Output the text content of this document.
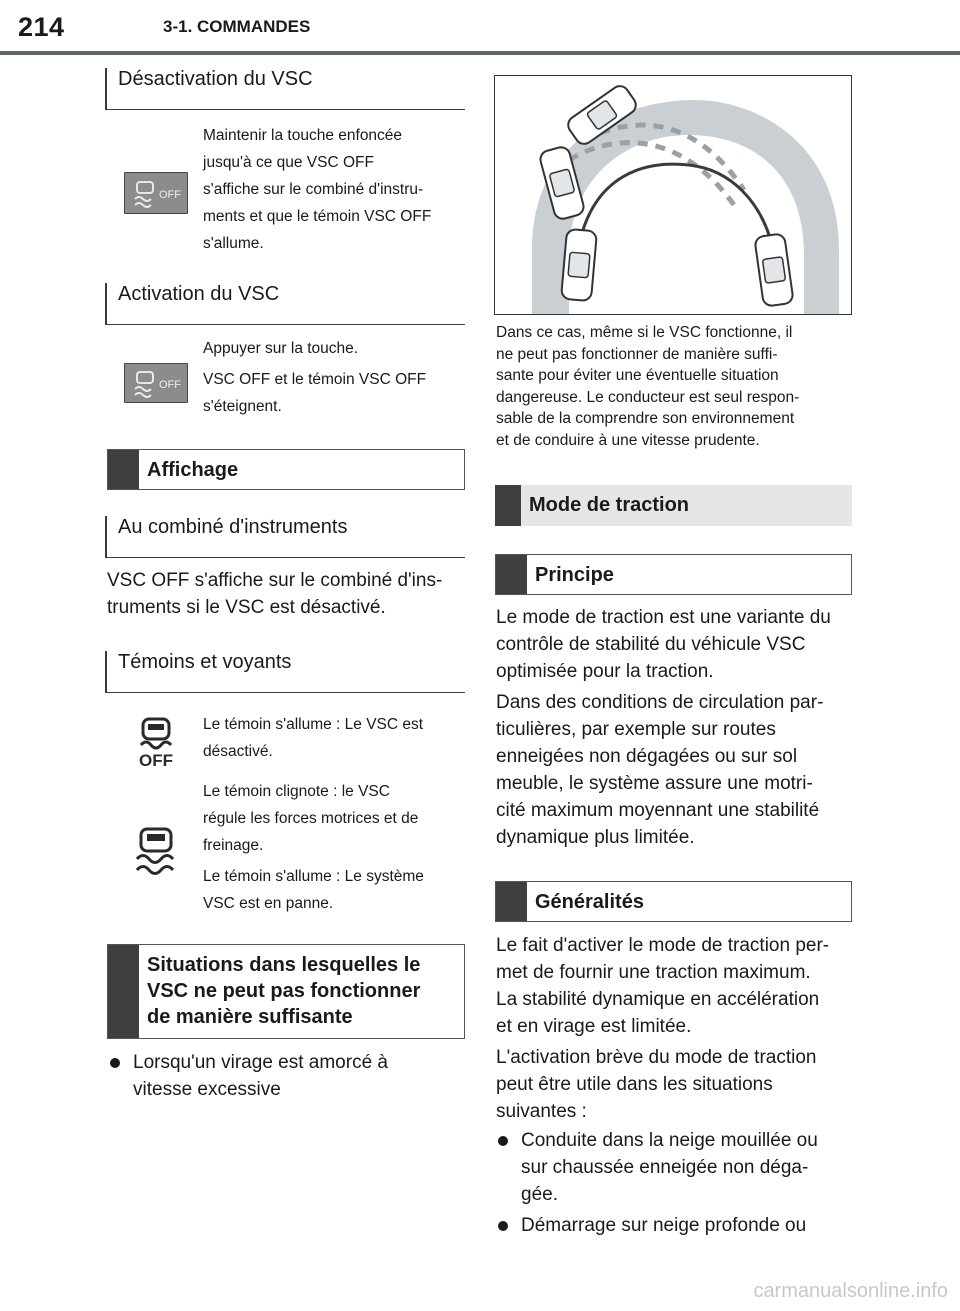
214	3-1. COMMANDES
Désactivation du VSC
OFF
Maintenir la touche enfoncée
jusqu'à ce que VSC OFF
s'affiche sur le combiné d'instru-
ments et que le témoin VSC OFF
s'allume.
Activation du VSC
OFF
Appuyer sur la touche.
VSC OFF et le témoin VSC OFF
s'éteignent.
Affichage
Au combiné d'instruments
VSC OFF s'affiche sur le combiné d'ins-
truments si le VSC est désactivé.
Témoins et voyants
OFF
Le témoin s'allume : Le VSC est
désactivé.
Le témoin clignote : le VSC
régule les forces motrices et de
freinage.
Le témoin s'allume : Le système
VSC est en panne.
Situations dans lesquelles le
VSC ne peut pas fonctionner
de manière suffisante
Lorsqu'un virage est amorcé à
vitesse excessive
Dans ce cas, même si le VSC fonctionne, il
ne peut pas fonctionner de manière suffi-
sante pour éviter une éventuelle situation
dangereuse. Le conducteur est seul respon-
sable de la comprendre son environnement
et de conduire à une vitesse prudente.
Mode de traction
Principe
Le mode de traction est une variante du
contrôle de stabilité du véhicule VSC
optimisée pour la traction.
Dans des conditions de circulation par-
ticulières, par exemple sur routes
enneigées non dégagées ou sur sol
meuble, le système assure une motri-
cité maximum moyennant une stabilité
dynamique plus limitée.
Généralités
Le fait d'activer le mode de traction per-
met de fournir une traction maximum.
La stabilité dynamique en accélération
et en virage est limitée.
L'activation brève du mode de traction
peut être utile dans les situations
suivantes :
Conduite dans la neige mouillée ou
sur chaussée enneigée non déga-
gée.
Démarrage sur neige profonde ou
carmanualsonline.info
